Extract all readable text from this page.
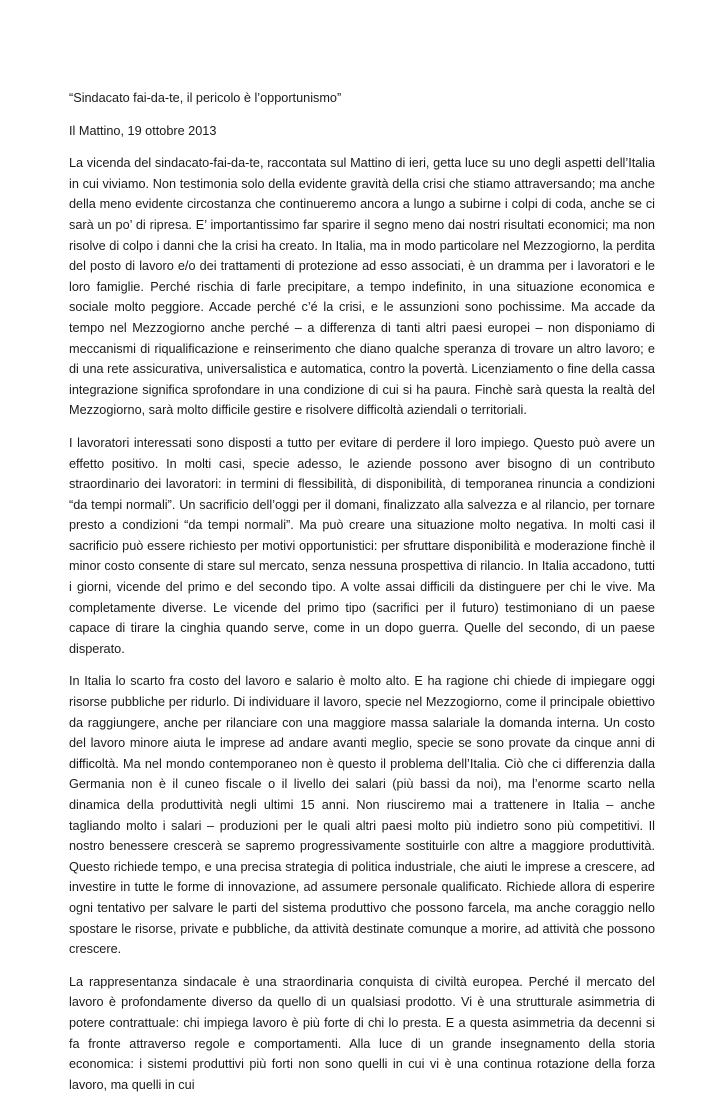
“Sindacato fai-da-te, il pericolo è l’opportunismo”

Il Mattino, 19 ottobre 2013

La vicenda del sindacato-fai-da-te, raccontata sul Mattino di ieri, getta luce su uno degli aspetti dell’Italia in cui viviamo. Non testimonia solo della evidente gravità della crisi che stiamo attraversando; ma anche della meno evidente circostanza che continueremo ancora a lungo a subirne i colpi di coda, anche se ci sarà un po’ di ripresa. E’ importantissimo far sparire il segno meno dai nostri risultati economici; ma non risolve di colpo i danni che la crisi ha creato. In Italia, ma in modo particolare nel Mezzogiorno, la perdita del posto di lavoro e/o dei trattamenti di protezione ad esso associati, è un dramma per i lavoratori e le loro famiglie. Perché rischia di farle precipitare, a tempo indefinito, in una situazione economica e sociale molto peggiore. Accade perché c’é la crisi, e le assunzioni sono pochissime. Ma accade da tempo nel Mezzogiorno anche perché – a differenza di tanti altri paesi europei – non disponiamo di meccanismi di riqualificazione e reinserimento che diano qualche speranza di trovare un altro lavoro; e di una rete assicurativa, universalistica e automatica, contro la povertà. Licenziamento o fine della cassa integrazione significa sprofondare in una condizione di cui si ha paura. Finchè sarà questa la realtà del Mezzogiorno, sarà molto difficile gestire e risolvere difficoltà aziendali o territoriali.

I lavoratori interessati sono disposti a tutto per evitare di perdere il loro impiego. Questo può avere un effetto positivo. In molti casi, specie adesso, le aziende possono aver bisogno di un contributo straordinario dei lavoratori: in termini di flessibilità, di disponibilità, di temporanea rinuncia a condizioni “da tempi normali”. Un sacrificio dell’oggi per il domani, finalizzato alla salvezza e al rilancio, per tornare presto a condizioni “da tempi normali”. Ma può creare una situazione molto negativa. In molti casi il sacrificio può essere richiesto per motivi opportunistici: per sfruttare disponibilità e moderazione finchè il minor costo consente di stare sul mercato, senza nessuna prospettiva di rilancio. In Italia accadono, tutti i giorni, vicende del primo e del secondo tipo. A volte assai difficili da distinguere per chi le vive. Ma completamente diverse. Le vicende del primo tipo (sacrifici per il futuro) testimoniano di un paese capace di tirare la cinghia quando serve, come in un dopo guerra. Quelle del secondo, di un paese disperato.

In Italia lo scarto fra costo del lavoro e salario è molto alto. E ha ragione chi chiede di impiegare oggi risorse pubbliche per ridurlo. Di individuare il lavoro, specie nel Mezzogiorno, come il principale obiettivo da raggiungere, anche per rilanciare con una maggiore massa salariale la domanda interna. Un costo del lavoro minore aiuta le imprese ad andare avanti meglio, specie se sono provate da cinque anni di difficoltà. Ma nel mondo contemporaneo non è questo il problema dell’Italia. Ciò che ci differenzia dalla Germania non è il cuneo fiscale o il livello dei salari (più bassi da noi), ma l’enorme scarto nella dinamica della produttività negli ultimi 15 anni. Non riusciremo mai a trattenere in Italia – anche tagliando molto i salari – produzioni per le quali altri paesi molto più indietro sono più competitivi. Il nostro benessere crescerà se sapremo progressivamente sostituirle con altre a maggiore produttività. Questo richiede tempo, e una precisa strategia di politica industriale, che aiuti le imprese a crescere, ad investire in tutte le forme di innovazione, ad assumere personale qualificato. Richiede allora di esperire ogni tentativo per salvare le parti del sistema produttivo che possono farcela, ma anche coraggio nello spostare le risorse, private e pubbliche, da attività destinate comunque a morire, ad attività che possono crescere.

La rappresentanza sindacale è una straordinaria conquista di civiltà europea. Perché il mercato del lavoro è profondamente diverso da quello di un qualsiasi prodotto. Vi è una strutturale asimmetria di potere contrattuale: chi impiega lavoro è più forte di chi lo presta. E a questa asimmetria da decenni si fa fronte attraverso regole e comportamenti. Alla luce di un grande insegnamento della storia economica: i sistemi produttivi più forti non sono quelli in cui vi è una continua rotazione della forza lavoro, ma quelli in cui
